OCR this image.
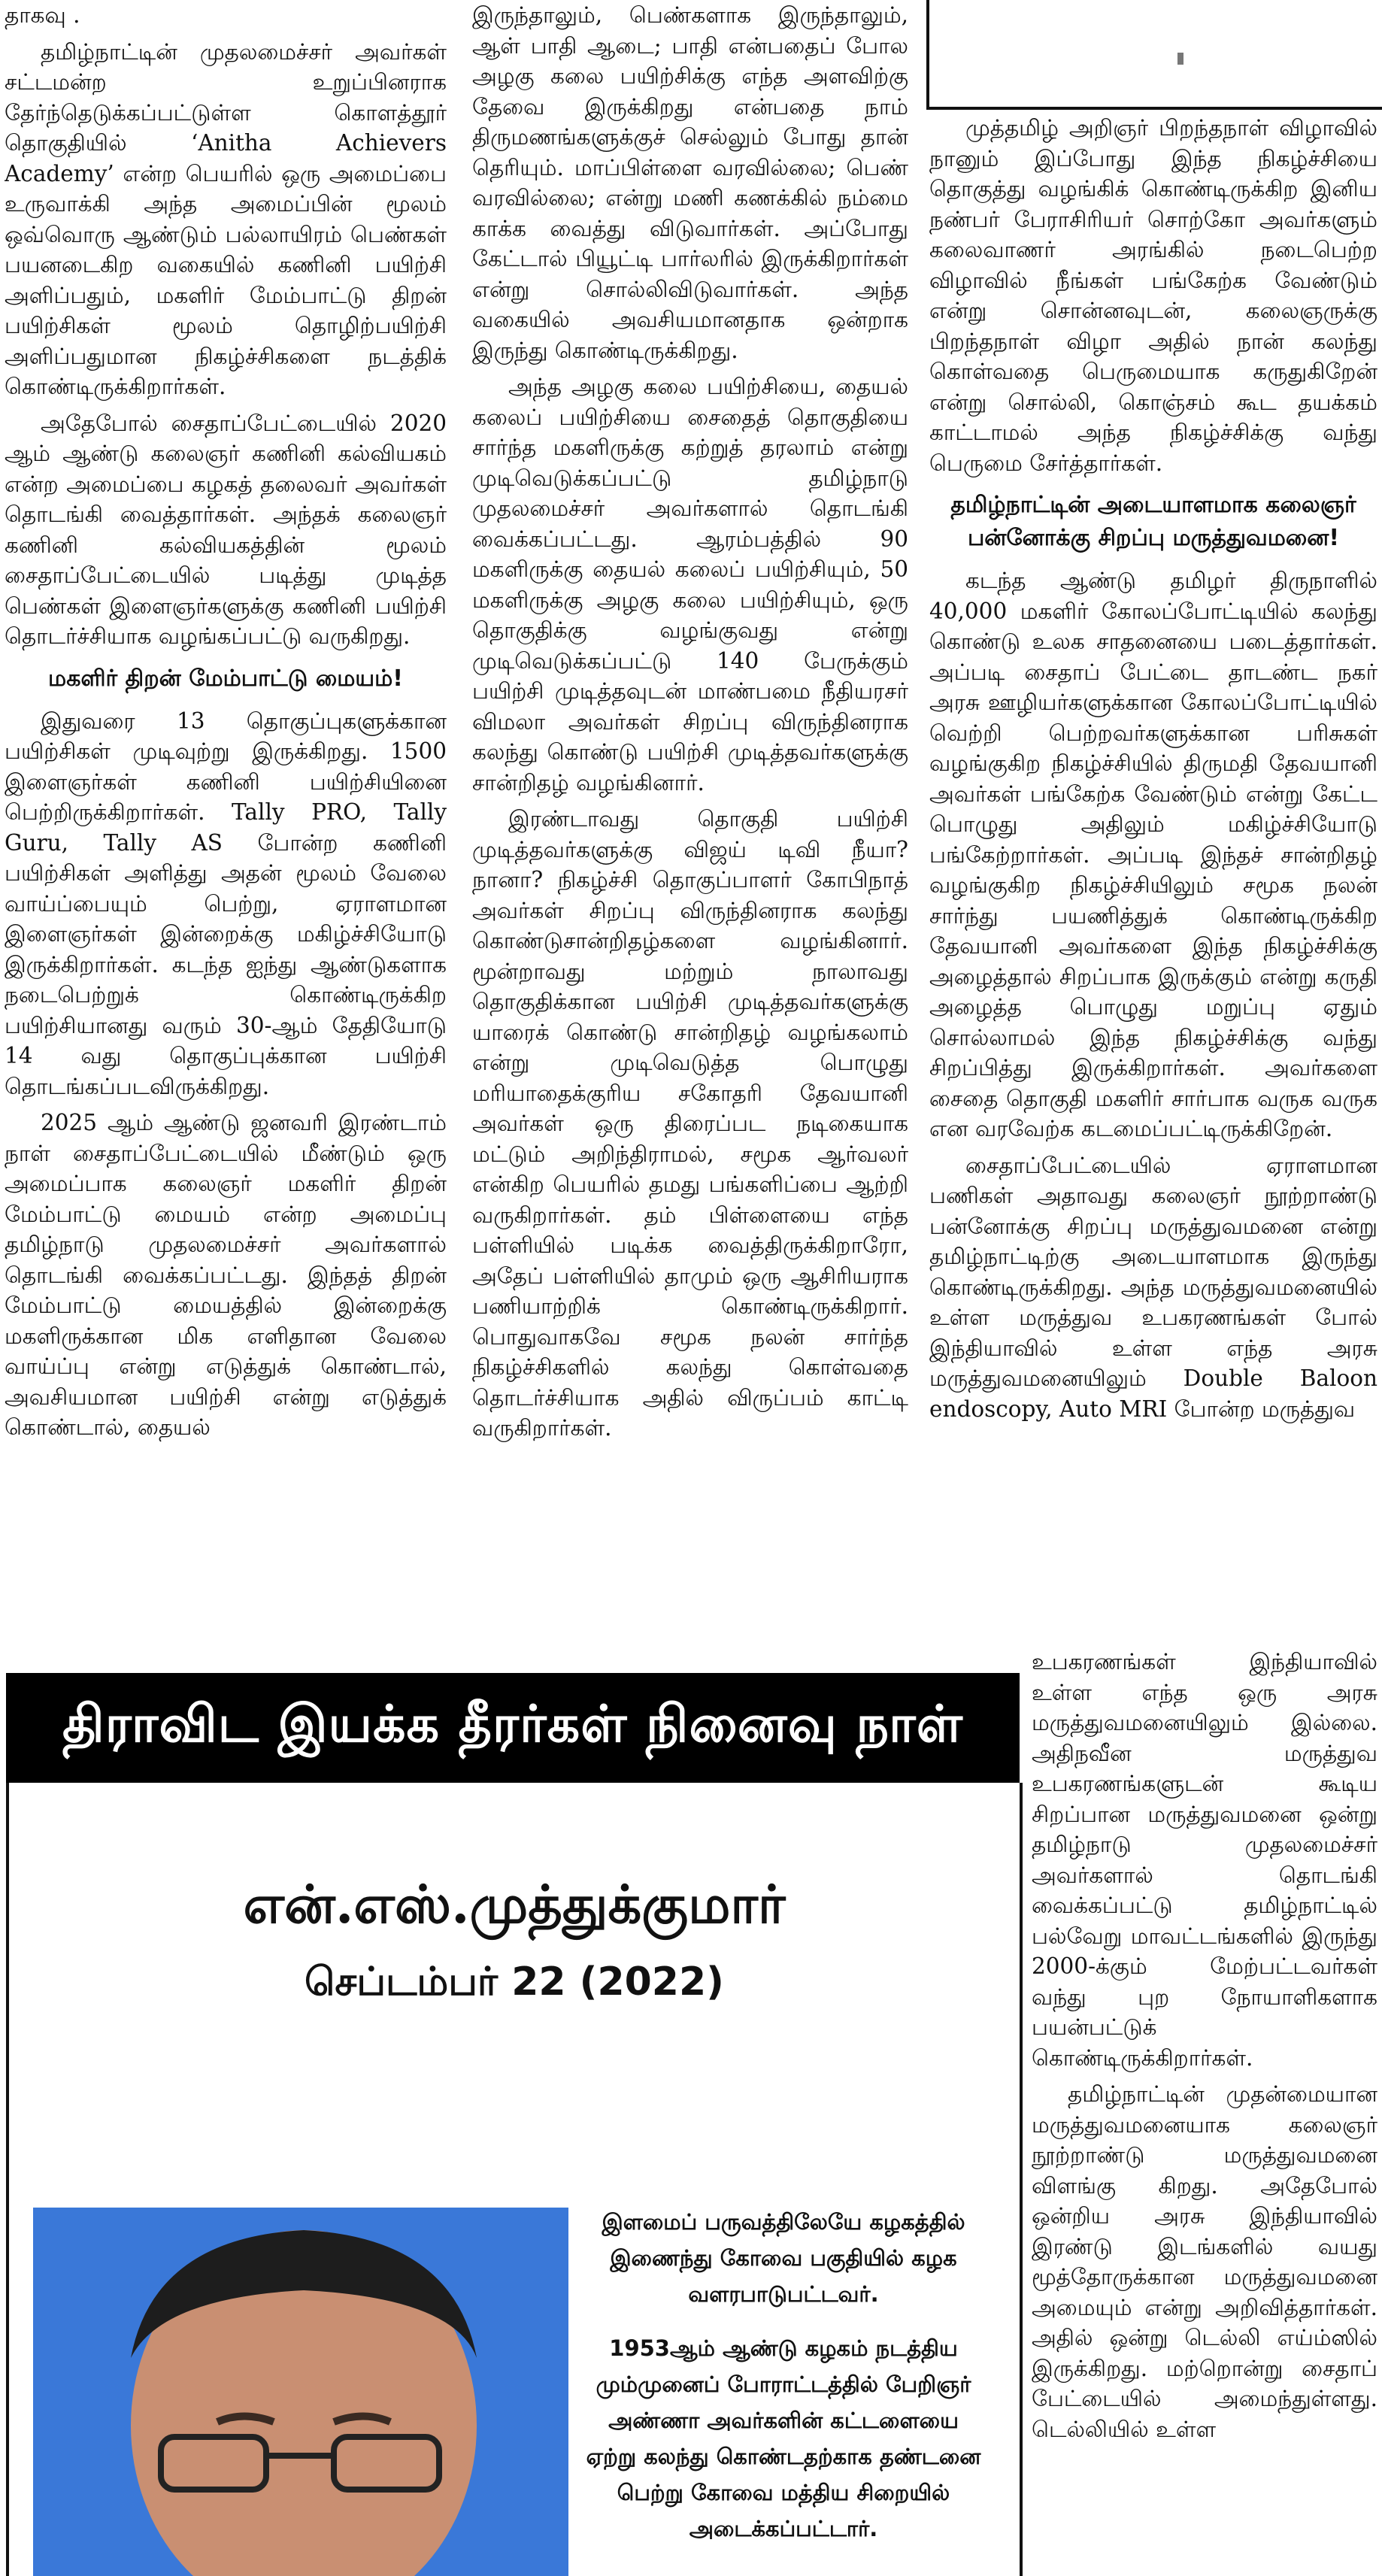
தாகவு .

தமிழ்நாட்டின் முதலமைச்சர் அவர்கள் சட்டமன்ற உறுப்பினராக தேர்ந்தெடுக்கப்பட்டுள்ள கொளத்தூர் தொகுதியில் ‘Anitha Achievers Academy’ என்ற பெயரில் ஒரு அமைப்பை உருவாக்கி அந்த அமைப்பின் மூலம் ஒவ்வொரு ஆண்டும் பல்லாயிரம் பெண்கள் பயனடைகிற வகையில் கணினி பயிற்சி அளிப்பதும், மகளிர் மேம்பாட்டு திறன் பயிற்சிகள் மூலம் தொழிற்பயிற்சி அளிப்பதுமான நிகழ்ச்சிகளை நடத்திக் கொண்டிருக்கிறார்கள்.

அதேபோல் சைதாப்பேட்டையில் 2020 ஆம் ஆண்டு கலைஞர் கணினி கல்வியகம் என்ற அமைப்பை கழகத் தலைவர் அவர்கள் தொடங்கி வைத்தார்கள். அந்தக் கலைஞர் கணினி கல்வியகத்தின் மூலம் சைதாப்பேட்டையில் படித்து முடித்த பெண்கள் இளைஞர்களுக்கு கணினி பயிற்சி தொடர்ச்சியாக வழங்கப்பட்டு வருகிறது.

மகளிர் திறன் மேம்பாட்டு மையம்!

இதுவரை 13 தொகுப்புகளுக்கான பயிற்சிகள் முடிவுற்று இருக்கிறது. 1500 இளைஞர்கள் கணினி பயிற்சியினை பெற்றிருக்கிறார்கள். Tally PRO, Tally Guru, Tally AS போன்ற கணினி பயிற்சிகள் அளித்து அதன் மூலம் வேலை வாய்ப்பையும் பெற்று, ஏராளமான இளைஞர்கள் இன்றைக்கு மகிழ்ச்சியோடு இருக்கிறார்கள். கடந்த ஐந்து ஆண்டுகளாக நடைபெற்றுக் கொண்டிருக்கிற பயிற்சியானது வரும் 30-ஆம் தேதியோடு 14 வது தொகுப்புக்கான பயிற்சி தொடங்கப்படவிருக்கிறது.

2025 ஆம் ஆண்டு ஜனவரி இரண்டாம் நாள் சைதாப்பேட்டையில் மீண்டும் ஒரு அமைப்பாக கலைஞர் மகளிர் திறன் மேம்பாட்டு மையம் என்ற அமைப்பு தமிழ்நாடு முதலமைச்சர் அவர்களால் தொடங்கி வைக்கப்பட்டது. இந்தத் திறன் மேம்பாட்டு மையத்தில் இன்றைக்கு மகளிருக்கான மிக எளிதான வேலை வாய்ப்பு என்று எடுத்துக் கொண்டால், அவசியமான பயிற்சி என்று எடுத்துக் கொண்டால், தையல்

இருந்தாலும், பெண்களாக இருந்தாலும், ஆள் பாதி ஆடை; பாதி என்பதைப் போல அழகு கலை பயிற்சிக்கு எந்த அளவிற்கு தேவை இருக்கிறது என்பதை நாம் திருமணங்களுக்குச் செல்லும் போது தான் தெரியும். மாப்பிள்ளை வரவில்லை; பெண் வரவில்லை; என்று மணி கணக்கில் நம்மை காக்க வைத்து விடுவார்கள். அப்போது கேட்டால் பியூட்டி பார்லரில் இருக்கிறார்கள் என்று சொல்லிவிடுவார்கள். அந்த வகையில் அவசியமானதாக ஒன்றாக இருந்து கொண்டிருக்கிறது.

அந்த அழகு கலை பயிற்சியை, தையல் கலைப் பயிற்சியை சைதைத் தொகுதியை சார்ந்த மகளிருக்கு கற்றுத் தரலாம் என்று முடிவெடுக்கப்பட்டு தமிழ்நாடு முதலமைச்சர் அவர்களால் தொடங்கி வைக்கப்பட்டது. ஆரம்பத்தில் 90 மகளிருக்கு தையல் கலைப் பயிற்சியும், 50 மகளிருக்கு அழகு கலை பயிற்சியும், ஒரு தொகுதிக்கு வழங்குவது என்று முடிவெடுக்கப்பட்டு 140 பேருக்கும் பயிற்சி முடித்தவுடன் மாண்பமை நீதியரசர் விமலா அவர்கள் சிறப்பு விருந்தினராக கலந்து கொண்டு பயிற்சி முடித்தவர்களுக்கு சான்றிதழ் வழங்கினார்.

இரண்டாவது தொகுதி பயிற்சி முடித்தவர்களுக்கு விஜய் டிவி நீயா? நானா? நிகழ்ச்சி தொகுப்பாளர் கோபிநாத் அவர்கள் சிறப்பு விருந்தினராக கலந்து கொண்டுசான்றிதழ்களை வழங்கினார். மூன்றாவது மற்றும் நாலாவது தொகுதிக்கான பயிற்சி முடித்தவர்களுக்கு யாரைக் கொண்டு சான்றிதழ் வழங்கலாம் என்று முடிவெடுத்த பொழுது மரியாதைக்குரிய சகோதரி தேவயானி அவர்கள் ஒரு திரைப்பட நடிகையாக மட்டும் அறிந்திராமல், சமூக ஆர்வலர் என்கிற பெயரில் தமது பங்களிப்பை ஆற்றி வருகிறார்கள். தம் பிள்ளையை எந்த பள்ளியில் படிக்க வைத்திருக்கிறாரோ, அதேப் பள்ளியில் தாமும் ஒரு ஆசிரியராக பணியாற்றிக் கொண்டிருக்கிறார். பொதுவாகவே சமூக நலன் சார்ந்த நிகழ்ச்சிகளில் கலந்து கொள்வதை தொடர்ச்சியாக அதில் விருப்பம் காட்டி வருகிறார்கள்.

முத்தமிழ் அறிஞர் பிறந்தநாள் விழாவில் நானும் இப்போது இந்த நிகழ்ச்சியை தொகுத்து வழங்கிக் கொண்டிருக்கிற இனிய நண்பர் பேராசிரியர் சொற்கோ அவர்களும் கலைவாணர் அரங்கில் நடைபெற்ற விழாவில் நீங்கள் பங்கேற்க வேண்டும் என்று சொன்னவுடன், கலைஞருக்கு பிறந்தநாள் விழா அதில் நான் கலந்து கொள்வதை பெருமையாக கருதுகிறேன் என்று சொல்லி, கொஞ்சம் கூட தயக்கம் காட்டாமல் அந்த நிகழ்ச்சிக்கு வந்து பெருமை சேர்த்தார்கள்.

தமிழ்நாட்டின் அடையாளமாக கலைஞர் பன்னோக்கு சிறப்பு மருத்துவமனை!

கடந்த ஆண்டு தமிழர் திருநாளில் 40,000 மகளிர் கோலப்போட்டியில் கலந்து கொண்டு உலக சாதனையை படைத்தார்கள். அப்படி சைதாப் பேட்டை தாடண்ட நகர் அரசு ஊழியர்களுக்கான கோலப்போட்டியில் வெற்றி பெற்றவர்களுக்கான பரிசுகள் வழங்குகிற நிகழ்ச்சியில் திருமதி தேவயானி அவர்கள் பங்கேற்க வேண்டும் என்று கேட்ட பொழுது அதிலும் மகிழ்ச்சியோடு பங்கேற்றார்கள். அப்படி இந்தச் சான்றிதழ் வழங்குகிற நிகழ்ச்சியிலும் சமூக நலன் சார்ந்து பயணித்துக் கொண்டிருக்கிற தேவயானி அவர்களை இந்த நிகழ்ச்சிக்கு அழைத்தால் சிறப்பாக இருக்கும் என்று கருதி அழைத்த பொழுது மறுப்பு ஏதும் சொல்லாமல் இந்த நிகழ்ச்சிக்கு வந்து சிறப்பித்து இருக்கிறார்கள். அவர்களை சைதை தொகுதி மகளிர் சார்பாக வருக வருக என வரவேற்க கடமைப்பட்டிருக்கிறேன்.

சைதாப்பேட்டையில் ஏராளமான பணிகள் அதாவது கலைஞர் நூற்றாண்டு பன்னோக்கு சிறப்பு மருத்துவமனை என்று தமிழ்நாட்டிற்கு அடையாளமாக இருந்து கொண்டிருக்கிறது. அந்த மருத்துவமனையில் உள்ள மருத்துவ உபகரணங்கள் போல் இந்தியாவில் உள்ள எந்த அரசு மருத்துவமனையிலும் Double Baloon endoscopy, Auto MRI போன்ற மருத்துவ

உபகரணங்கள் இந்தியாவில் உள்ள எந்த ஒரு அரசு மருத்துவமனையிலும் இல்லை. அதிநவீன மருத்துவ உபகரணங்களுடன் கூடிய சிறப்பான மருத்துவமனை ஒன்று தமிழ்நாடு முதலமைச்சர் அவர்களால் தொடங்கி வைக்கப்பட்டு தமிழ்நாட்டில் பல்வேறு மாவட்டங்களில் இருந்து 2000-க்கும் மேற்பட்டவர்கள் வந்து புற நோயாளிகளாக பயன்பட்டுக் கொண்டிருக்கிறார்கள்.

தமிழ்நாட்டின் முதன்மையான மருத்துவமனையாக கலைஞர் நூற்றாண்டு மருத்துவமனை விளங்கு கிறது. அதேபோல் ஒன்றிய அரசு இந்தியாவில் இரண்டு இடங்களில் வயது மூத்தோருக்கான மருத்துவமனை அமையும் என்று அறிவித்தார்கள். அதில் ஒன்று டெல்லி எய்ம்ஸில் இருக்கிறது. மற்றொன்று சைதாப் பேட்டையில் அமைந்துள்ளது. டெல்லியில் உள்ள

திராவிட இயக்க தீரர்கள் நினைவு நாள்
என்.எஸ்.முத்துக்குமார்
செப்டம்பர் 22 (2022)

இளமைப் பருவத்திலேயே கழகத்தில் இணைந்து கோவை பகுதியில் கழக வளரபாடுபட்டவர்.

1953ஆம் ஆண்டு கழகம் நடத்திய மும்முனைப் போராட்டத்தில் பேறிஞர் அண்ணா அவர்களின் கட்டளையை ஏற்று கலந்து கொண்டதற்காக தண்டனை பெற்று கோவை மத்திய சிறையில் அடைக்கப்பட்டார்.
